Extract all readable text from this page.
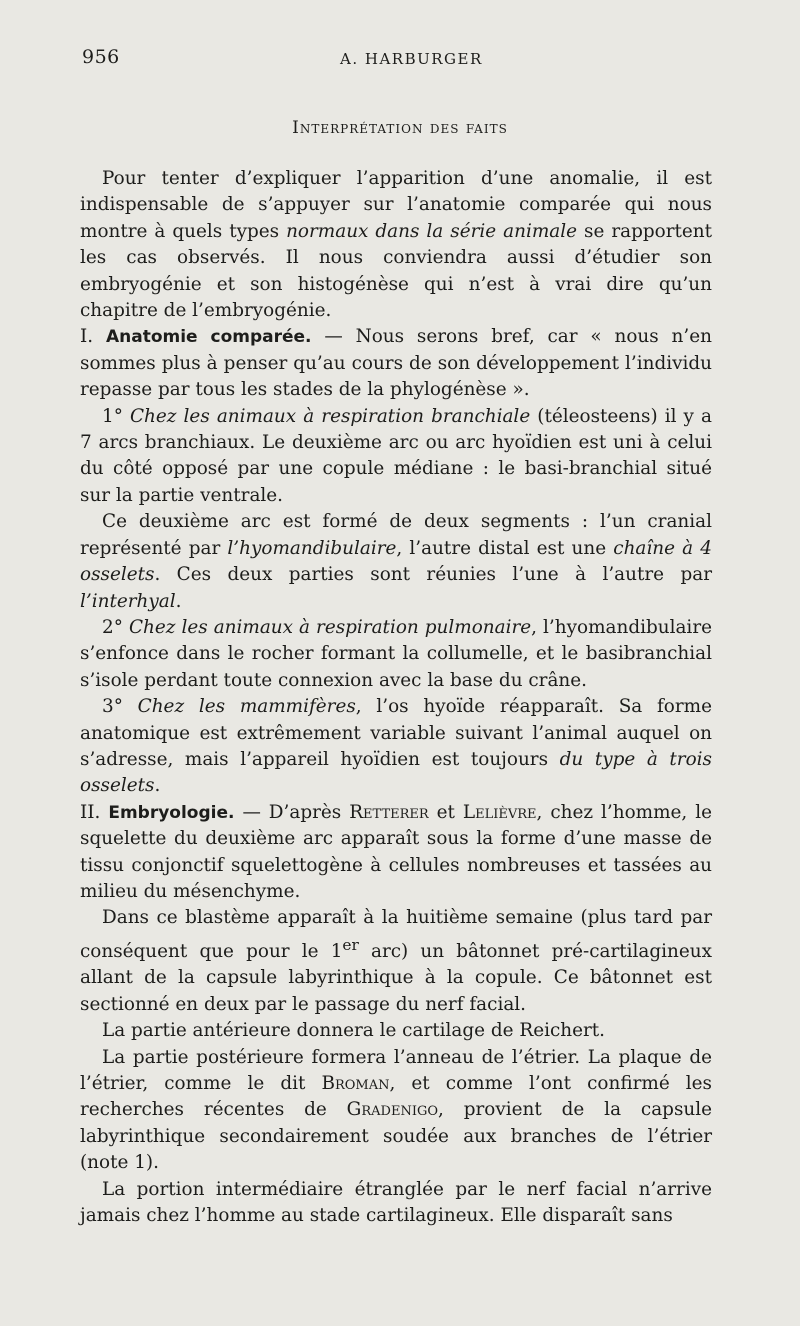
956	A. HARBURGER
Interprétation des faits

Pour tenter d’expliquer l’apparition d’une anomalie, il est indispensable de s’appuyer sur l’anatomie comparée qui nous montre à quels types normaux dans la série animale se rapportent les cas observés. Il nous conviendra aussi d’étudier son embryogénie et son histogénèse qui n’est à vrai dire qu’un chapitre de l’embryogénie.

I. Anatomie comparée. — Nous serons bref, car « nous n’en sommes plus à penser qu’au cours de son développement l’individu repasse par tous les stades de la phylogénèse ».

1° Chez les animaux à respiration branchiale (téleosteens) il y a 7 arcs branchiaux. Le deuxième arc ou arc hyoïdien est uni à celui du côté opposé par une copule médiane : le basi-branchial situé sur la partie ventrale.

Ce deuxième arc est formé de deux segments : l’un cranial représenté par l’hyomandibulaire, l’autre distal est une chaîne à 4 osselets. Ces deux parties sont réunies l’une à l’autre par l’interhyal.

2° Chez les animaux à respiration pulmonaire, l’hyomandibulaire s’enfonce dans le rocher formant la collumelle, et le basibranchial s’isole perdant toute connexion avec la base du crâne.

3° Chez les mammifères, l’os hyoïde réapparaît. Sa forme anatomique est extrêmement variable suivant l’animal auquel on s’adresse, mais l’appareil hyoïdien est toujours du type à trois osselets.

II. Embryologie. — D’après Retterer et Lelièvre, chez l’homme, le squelette du deuxième arc apparaît sous la forme d’une masse de tissu conjonctif squelettogène à cellules nombreuses et tassées au milieu du mésenchyme.

Dans ce blastème apparaît à la huitième semaine (plus tard par conséquent que pour le 1er arc) un bâtonnet pré-cartilagineux allant de la capsule labyrinthique à la copule. Ce bâtonnet est sectionné en deux par le passage du nerf facial.

La partie antérieure donnera le cartilage de Reichert.

La partie postérieure formera l’anneau de l’étrier. La plaque de l’étrier, comme le dit Broman, et comme l’ont confirmé les recherches récentes de Gradenigo, provient de la capsule labyrinthique secondairement soudée aux branches de l’étrier (note 1).

La portion intermédiaire étranglée par le nerf facial n’arrive jamais chez l’homme au stade cartilagineux. Elle disparaît sans
